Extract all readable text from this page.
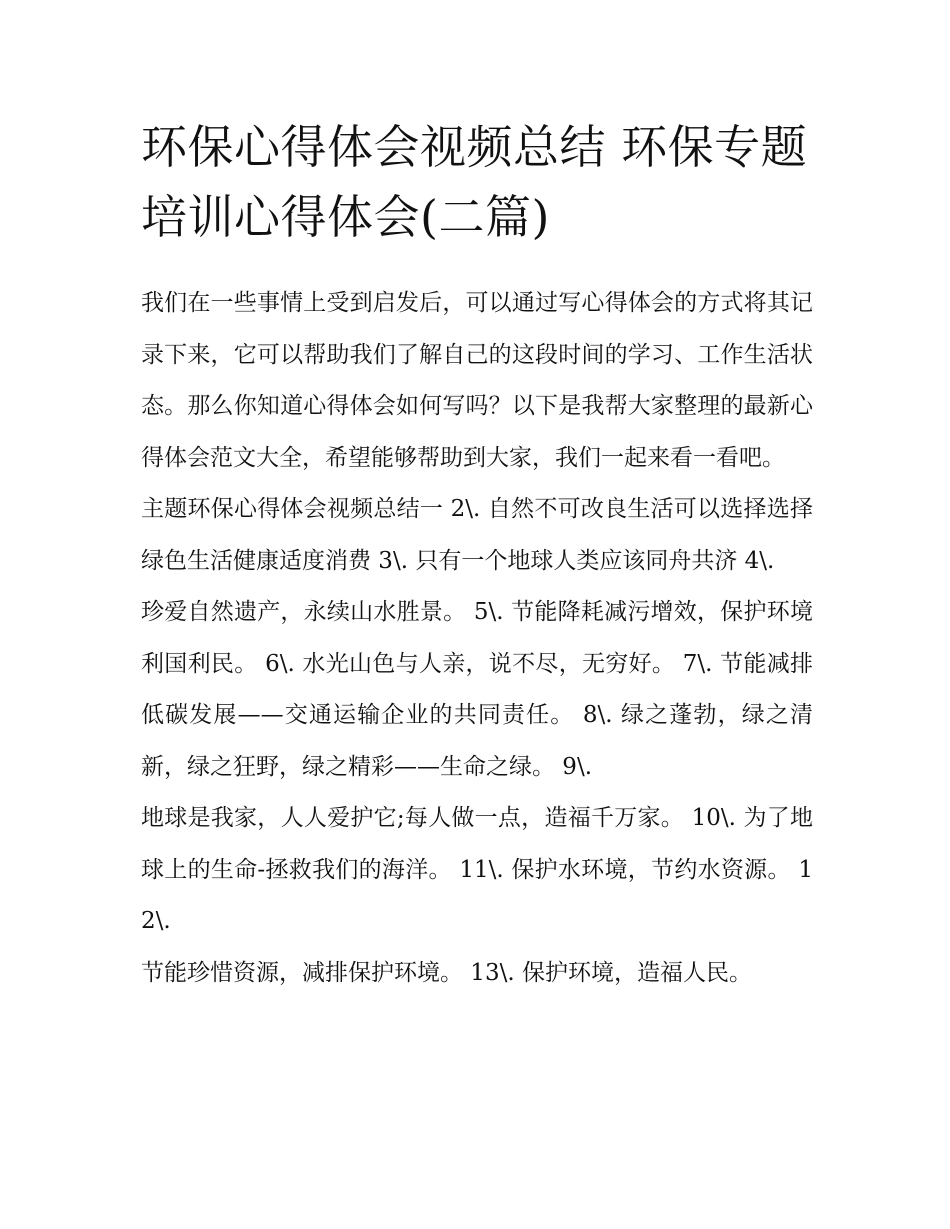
环保心得体会视频总结 环保专题培训心得体会(二篇)

我们在一些事情上受到启发后，可以通过写心得体会的方式将其记录下来，它可以帮助我们了解自己的这段时间的学习、工作生活状态。那么你知道心得体会如何写吗？以下是我帮大家整理的最新心得体会范文大全，希望能够帮助到大家，我们一起来看一看吧。

主题环保心得体会视频总结一 2\. 自然不可改良生活可以选择选择绿色生活健康适度消费 3\. 只有一个地球人类应该同舟共济 4\.

珍爱自然遗产，永续山水胜景。 5\. 节能降耗减污增效，保护环境利国利民。 6\. 水光山色与人亲，说不尽，无穷好。 7\. 节能减排低碳发展——交通运输企业的共同责任。 8\. 绿之蓬勃，绿之清新，绿之狂野，绿之精彩——生命之绿。 9\.

地球是我家，人人爱护它;每人做一点，造福千万家。 10\. 为了地球上的生命-拯救我们的海洋。 11\. 保护水环境，节约水资源。 12\.

节能珍惜资源，减排保护环境。 13\. 保护环境，造福人民。
